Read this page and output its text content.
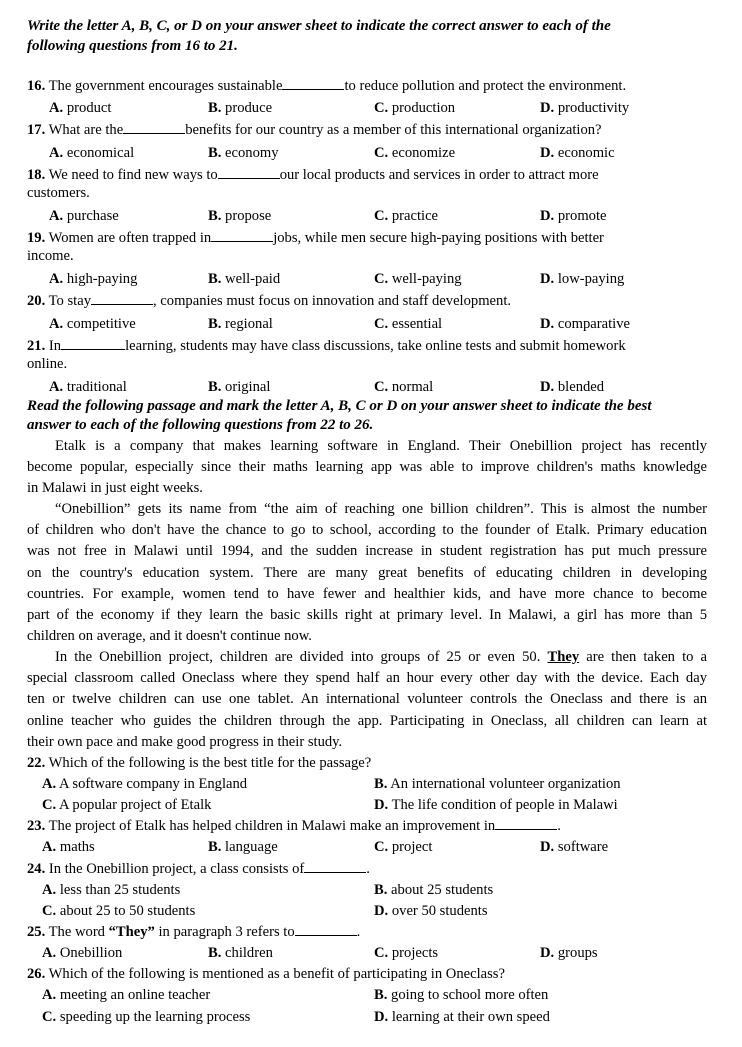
Write the letter A, B, C, or D on your answer sheet to indicate the correct answer to each of the
following questions from 16 to 21.
16. The government encourages sustainable	to reduce pollution and protect the environment.
A. product	B. produce	C. production	D. productivity
17. What are the	benefits for our country as a member of this international organization?
A. economical	B. economy	C. economize	D. economic
18. We need to find new ways to	our local products and services in order to attract more
customers.
A. purchase	B. propose	C. practice	D. promote
19. Women are often trapped in	jobs, while men secure high-paying positions with better
income.
A. high-paying	B. well-paid	C. well-paying	D. low-paying
20. To stay	, companies must focus on innovation and staff development.
A. competitive	B. regional	C. essential	D. comparative
21. In	learning, students may have class discussions, take online tests and submit homework
online.
A. traditional	B. original	C. normal	D. blended
Read the following passage and mark the letter A, B, C or D on your answer sheet to indicate the best
answer to each of the following questions from 22 to 26.
Etalk is a company that makes learning software in England. Their Onebillion project has recently
become popular, especially since their maths learning app was able to improve children's maths knowledge
in Malawi in just eight weeks.
“Onebillion” gets its name from “the aim of reaching one billion children”. This is almost the number
of children who don't have the chance to go to school, according to the founder of Etalk. Primary education
was not free in Malawi until 1994, and the sudden increase in student registration has put much pressure
on the country's education system. There are many great benefits of educating children in developing
countries. For example, women tend to have fewer and healthier kids, and have more chance to become
part of the economy if they learn the basic skills right at primary level. In Malawi, a girl has more than 5
children on average, and it doesn't continue now.
In the Onebillion project, children are divided into groups of 25 or even 50. They are then taken to a
special classroom called Oneclass where they spend half an hour every other day with the device. Each day
ten or twelve children can use one tablet. An international volunteer controls the Oneclass and there is an
online teacher who guides the children through the app. Participating in Oneclass, all children can learn at
their own pace and make good progress in their study.
22. Which of the following is the best title for the passage?
A. A software company in England	B. An international volunteer organization
C. A popular project of Etalk	D. The life condition of people in Malawi
23. The project of Etalk has helped children in Malawi make an improvement in	.
A. maths	B. language	C. project	D. software
24. In the Onebillion project, a class consists of	.
A. less than 25 students	B. about 25 students
C. about 25 to 50 students	D. over 50 students
25. The word “They” in paragraph 3 refers to	.
A. Onebillion	B. children	C. projects	D. groups
26. Which of the following is mentioned as a benefit of participating in Oneclass?
A. meeting an online teacher	B. going to school more often
C. speeding up the learning process	D. learning at their own speed
